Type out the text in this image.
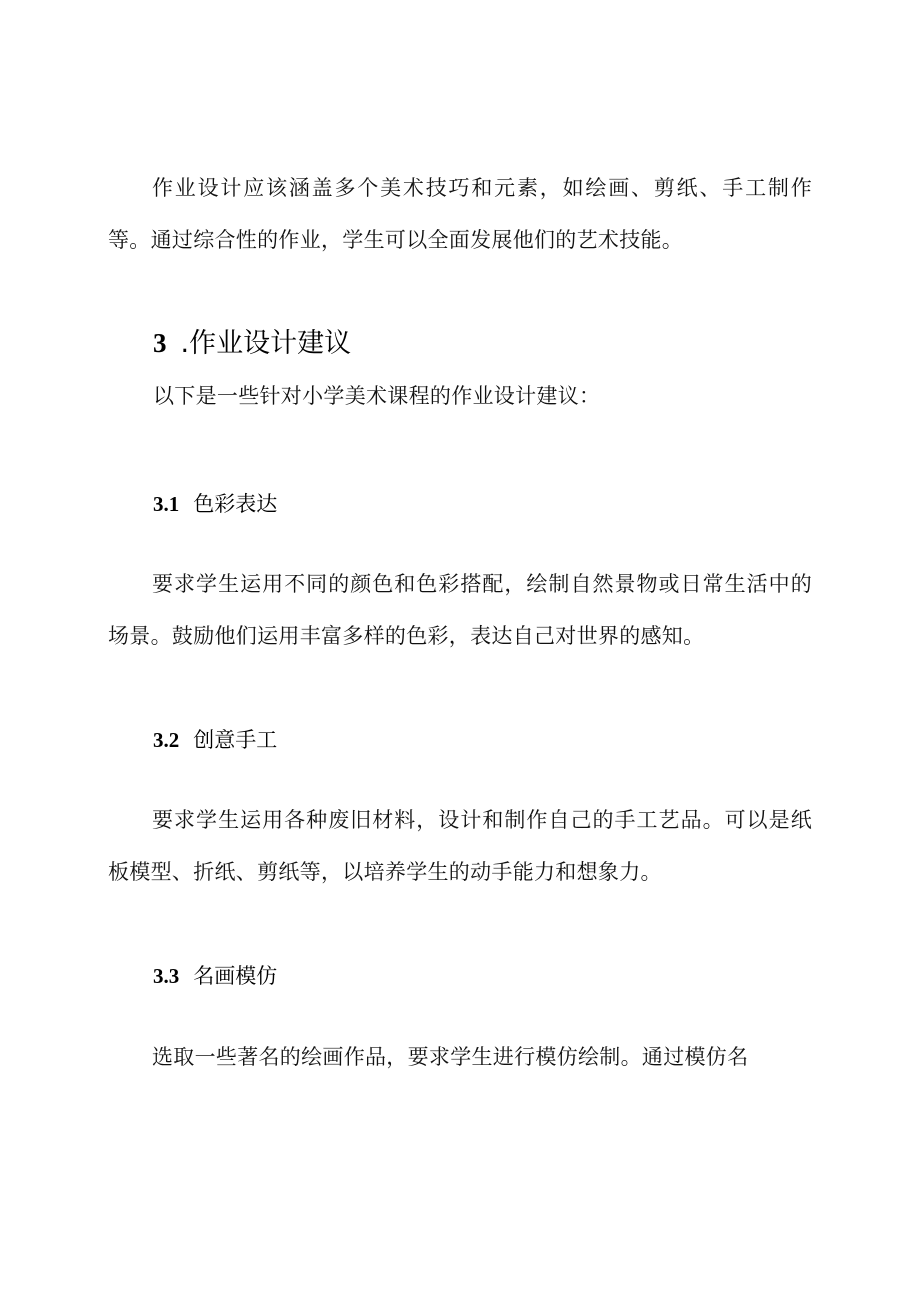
作业设计应该涵盖多个美术技巧和元素，如绘画、剪纸、手工制作等。通过综合性的作业，学生可以全面发展他们的艺术技能。

3 .作业设计建议

以下是一些针对小学美术课程的作业设计建议：

3.1 色彩表达

要求学生运用不同的颜色和色彩搭配，绘制自然景物或日常生活中的场景。鼓励他们运用丰富多样的色彩，表达自己对世界的感知。

3.2 创意手工

要求学生运用各种废旧材料，设计和制作自己的手工艺品。可以是纸板模型、折纸、剪纸等，以培养学生的动手能力和想象力。

3.3 名画模仿

选取一些著名的绘画作品，要求学生进行模仿绘制。通过模仿名
